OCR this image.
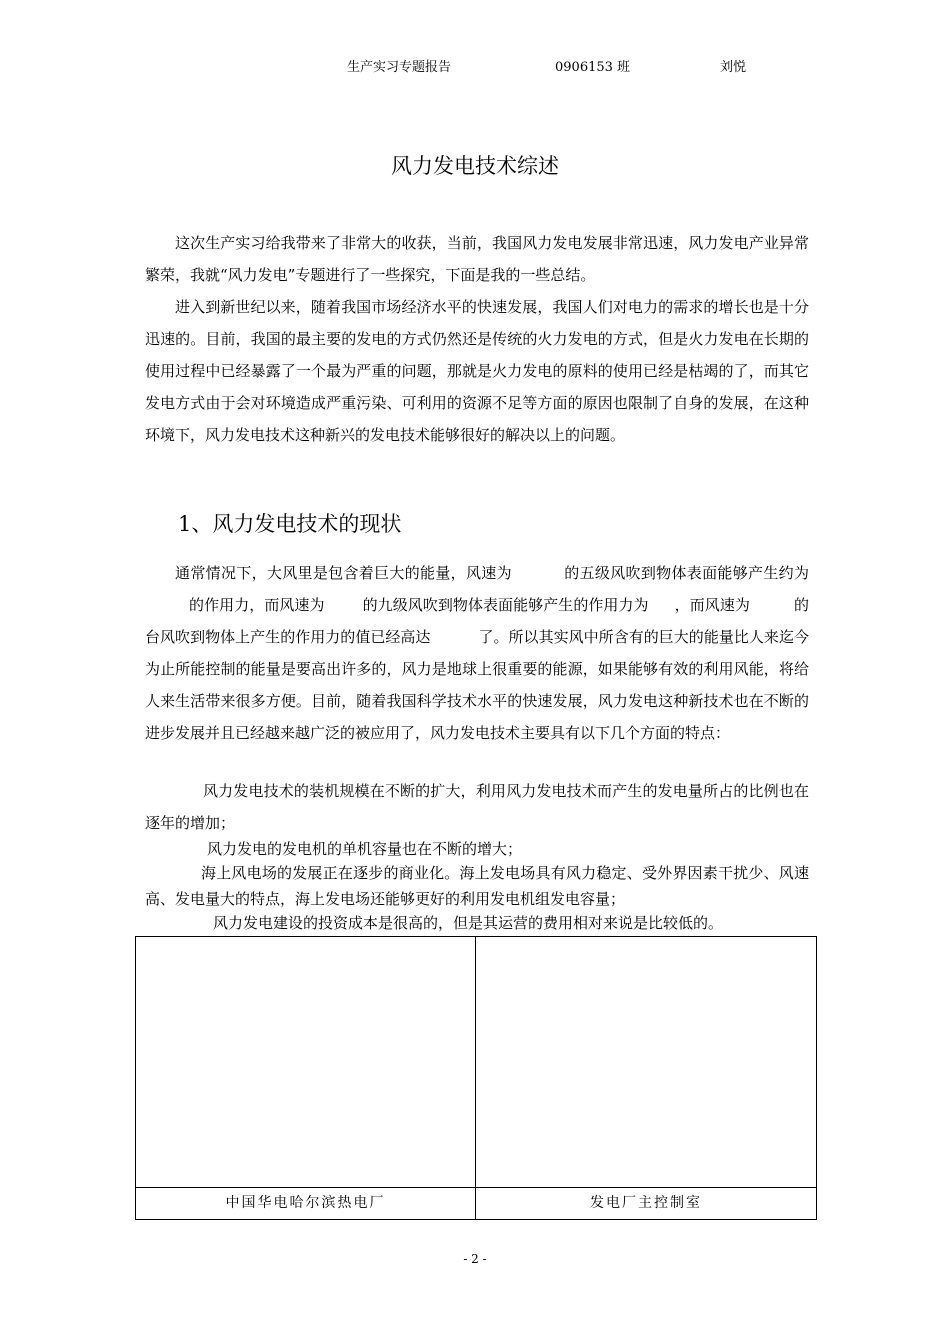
生产实习专题报告	0906153 班	刘悦
风力发电技术综述

这次生产实习给我带来了非常大的收获，当前，我国风力发电发展非常迅速，风力发电产业异常繁荣，我就“风力发电”专题进行了一些探究，下面是我的一些总结。

进入到新世纪以来，随着我国市场经济水平的快速发展，我国人们对电力的需求的增长也是十分迅速的。目前，我国的最主要的发电的方式仍然还是传统的火力发电的方式，但是火力发电在长期的使用过程中已经暴露了一个最为严重的问题，那就是火力发电的原料的使用已经是枯竭的了，而其它发电方式由于会对环境造成严重污染、可利用的资源不足等方面的原因也限制了自身的发展，在这种环境下，风力发电技术这种新兴的发电技术能够很好的解决以上的问题。

1、风力发电技术的现状

通常情况下，大风里是包含着巨大的能量，风速为	的五级风吹到物体表面能够产生约为的作用力，而风速为	的九级风吹到物体表面能够产生的作用力为 ，而风速为	的台风吹到物体上产生的作用力的值已经高达	了。所以其实风中所含有的巨大的能量比人来迄今为止所能控制的能量是要高出许多的，风力是地球上很重要的能源，如果能够有效的利用风能，将给人来生活带来很多方便。目前，随着我国科学技术水平的快速发展，风力发电这种新技术也在不断的进步发展并且已经越来越广泛的被应用了，风力发电技术主要具有以下几个方面的特点：

风力发电技术的装机规模在不断的扩大，利用风力发电技术而产生的发电量所占的比例也在逐年的增加；

风力发电的发电机的单机容量也在不断的增大；

海上风电场的发展正在逐步的商业化。海上发电场具有风力稳定、受外界因素干扰少、风速高、发电量大的特点，海上发电场还能够更好的利用发电机组发电容量；

风力发电建设的投资成本是很高的，但是其运营的费用相对来说是比较低的。

中国华电哈尔滨热电厂	发电厂主控制室
- 2 -
